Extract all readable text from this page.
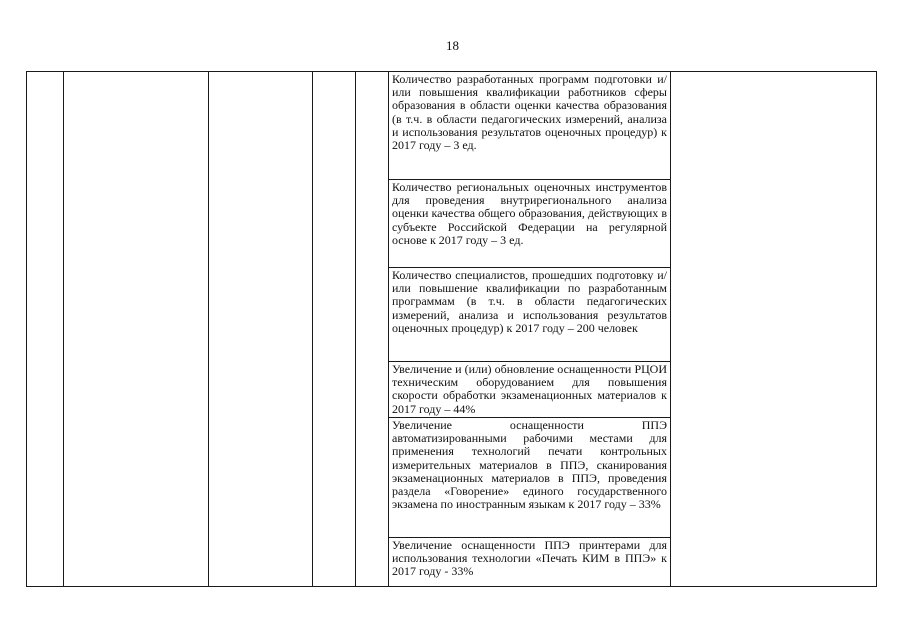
18

Количество разработанных программ подготовки и/или повышения квалификации работников сферы образования в области оценки качества образования (в т.ч. в области педагогических измерений, анализа и использования результатов оценочных процедур) к 2017 году – 3 ед.
Количество региональных оценочных инструментов для проведения внутрирегионального анализа оценки качества общего образования, действующих в субъекте Российской Федерации на регулярной основе к 2017 году – 3 ед.
Количество специалистов, прошедших подготовку и/или повышение квалификации по разработанным программам (в т.ч. в области педагогических измерений, анализа и использования результатов оценочных процедур) к 2017 году – 200 человек
Увеличение и (или) обновление оснащенности РЦОИ техническим оборудованием для повышения скорости обработки экзаменационных материалов к 2017 году – 44%
Увеличение оснащенности ППЭ автоматизированными рабочими местами для применения технологий печати контрольных измерительных материалов в ППЭ, сканирования экзаменационных материалов в ППЭ, проведения раздела «Говорение» единого государственного экзамена по иностранным языкам к 2017 году – 33%
Увеличение оснащенности ППЭ принтерами для использования технологии «Печать КИМ в ППЭ» к 2017 году - 33%
